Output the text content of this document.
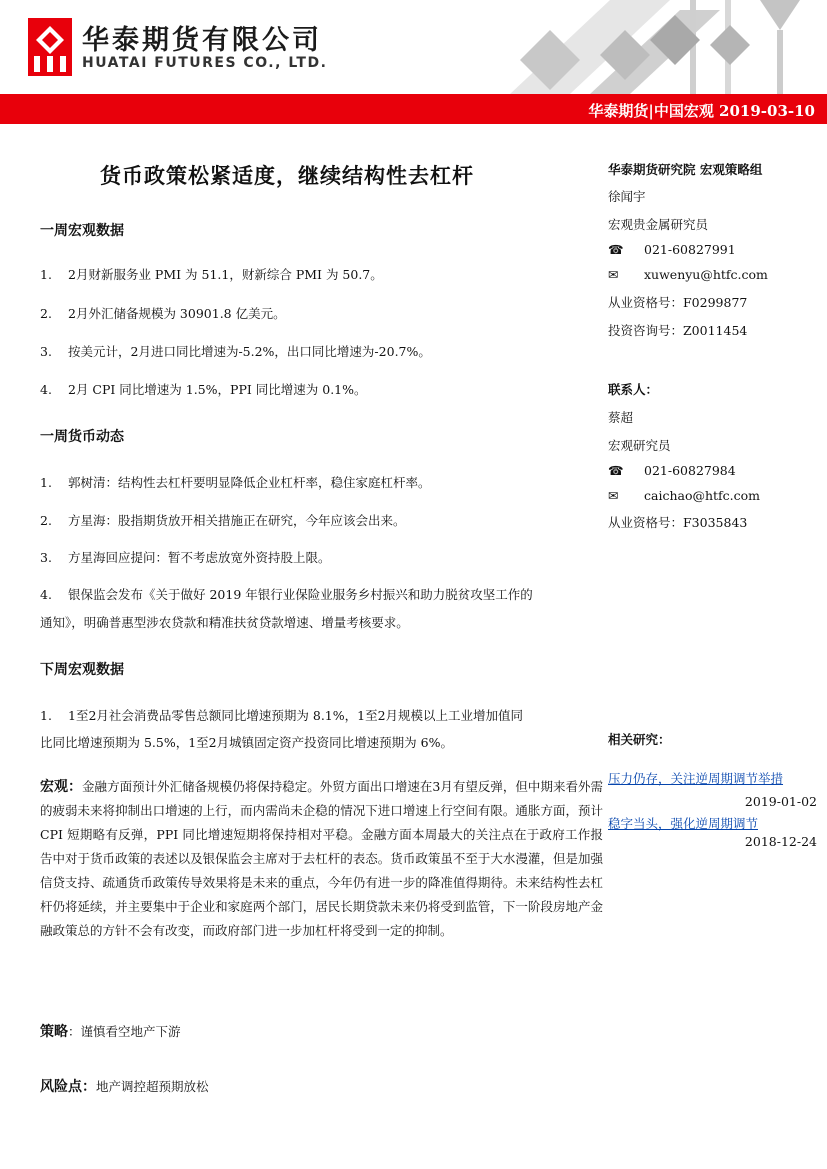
华泰期货有限公司
HUATAI FUTURES CO., LTD.
华泰期货|中国宏观 2019-03-10
货币政策松紧适度，继续结构性去杠杆
一周宏观数据
1. 2月财新服务业 PMI 为 51.1，财新综合 PMI 为 50.7。
2. 2月外汇储备规模为 30901.8 亿美元。
3. 按美元计，2月进口同比增速为-5.2%，出口同比增速为-20.7%。
4. 2月 CPI 同比增速为 1.5%，PPI 同比增速为 0.1%。
一周货币动态
1. 郭树清：结构性去杠杆要明显降低企业杠杆率，稳住家庭杠杆率。
2. 方星海：股指期货放开相关措施正在研究，今年应该会出来。
3. 方星海回应提问：暂不考虑放宽外资持股上限。
4. 银保监会发布《关于做好 2019 年银行业保险业服务乡村振兴和助力脱贫攻坚工作的
通知》，明确普惠型涉农贷款和精准扶贫贷款增速、增量考核要求。
下周宏观数据
1. 1至2月社会消费品零售总额同比增速预期为 8.1%，1至2月规模以上工业增加值同
比同比增速预期为 5.5%，1至2月城镇固定资产投资同比增速预期为 6%。
宏观：金融方面预计外汇储备规模仍将保持稳定。外贸方面出口增速在3月有望反弹，但中期来看外需的疲弱未来将抑制出口增速的上行，而内需尚未企稳的情况下进口增速上行空间有限。通胀方面，预计 CPI 短期略有反弹，PPI 同比增速短期将保持相对平稳。金融方面本周最大的关注点在于政府工作报告中对于货币政策的表述以及银保监会主席对于去杠杆的表态。货币政策虽不至于大水漫灌，但是加强信贷支持、疏通货币政策传导效果将是未来的重点，今年仍有进一步的降准值得期待。未来结构性去杠杆仍将延续，并主要集中于企业和家庭两个部门，居民长期贷款未来仍将受到监管，下一阶段房地产金融政策总的方针不会有改变，而政府部门进一步加杠杆将受到一定的抑制。
策略：谨慎看空地产下游
风险点：地产调控超预期放松
华泰期货研究院 宏观策略组
徐闻宇
宏观贵金属研究员
☎ 021-60827991
✉ xuwenyu@htfc.com
从业资格号：F0299877
投资咨询号：Z0011454
联系人：
蔡超
宏观研究员
☎ 021-60827984
✉ caichao@htfc.com
从业资格号：F3035843
相关研究：
压力仍存，关注逆周期调节举措
2019-01-02
稳字当头，强化逆周期调节
2018-12-24
